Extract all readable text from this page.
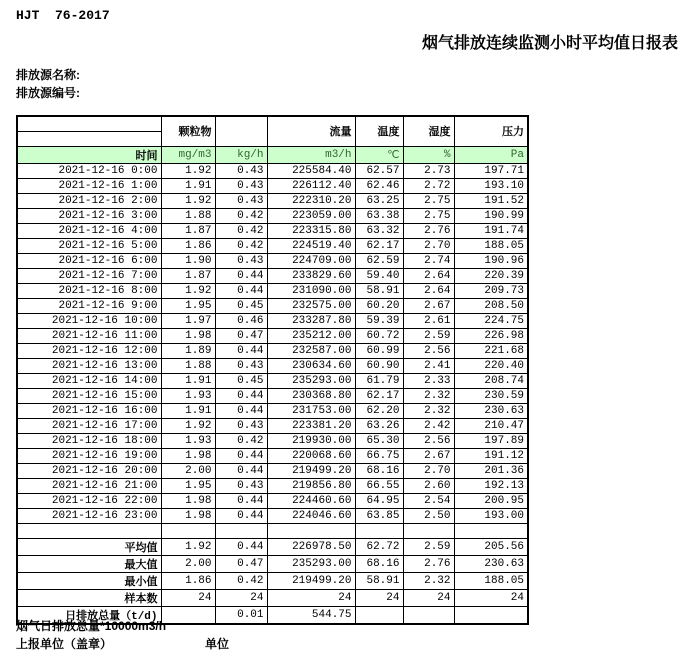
HJT  76-2017
烟气排放连续监测小时平均值日报表
排放源名称:
排放源编号:
	颗粒物		流量	温度	湿度	压力

时间	mg/m3	kg/h	m3/h	℃	%	Pa
2021-12-16 0:00	1.92	0.43	225584.40	62.57	2.73	197.71
2021-12-16 1:00	1.91	0.43	226112.40	62.46	2.72	193.10
2021-12-16 2:00	1.92	0.43	222310.20	63.25	2.75	191.52
2021-12-16 3:00	1.88	0.42	223059.00	63.38	2.75	190.99
2021-12-16 4:00	1.87	0.42	223315.80	63.32	2.76	191.74
2021-12-16 5:00	1.86	0.42	224519.40	62.17	2.70	188.05
2021-12-16 6:00	1.90	0.43	224709.00	62.59	2.74	190.96
2021-12-16 7:00	1.87	0.44	233829.60	59.40	2.64	220.39
2021-12-16 8:00	1.92	0.44	231090.00	58.91	2.64	209.73
2021-12-16 9:00	1.95	0.45	232575.00	60.20	2.67	208.50
2021-12-16 10:00	1.97	0.46	233287.80	59.39	2.61	224.75
2021-12-16 11:00	1.98	0.47	235212.00	60.72	2.59	226.98
2021-12-16 12:00	1.89	0.44	232587.00	60.99	2.56	221.68
2021-12-16 13:00	1.88	0.43	230634.60	60.90	2.41	220.40
2021-12-16 14:00	1.91	0.45	235293.00	61.79	2.33	208.74
2021-12-16 15:00	1.93	0.44	230368.80	62.17	2.32	230.59
2021-12-16 16:00	1.91	0.44	231753.00	62.20	2.32	230.63
2021-12-16 17:00	1.92	0.43	223381.20	63.26	2.42	210.47
2021-12-16 18:00	1.93	0.42	219930.00	65.30	2.56	197.89
2021-12-16 19:00	1.98	0.44	220068.60	66.75	2.67	191.12
2021-12-16 20:00	2.00	0.44	219499.20	68.16	2.70	201.36
2021-12-16 21:00	1.95	0.43	219856.80	66.55	2.60	192.13
2021-12-16 22:00	1.98	0.44	224460.60	64.95	2.54	200.95
2021-12-16 23:00	1.98	0.44	224046.60	63.85	2.50	193.00

平均值	1.92	0.44	226978.50	62.72	2.59	205.56
最大值	2.00	0.47	235293.00	68.16	2.76	230.63
最小值	1.86	0.42	219499.20	58.91	2.32	188.05
样本数	24	24	24	24	24	24
日排放总量（t/d)		0.01	544.75			
烟气日排放总量*10000m3/h
上报单位（盖章）	单位
